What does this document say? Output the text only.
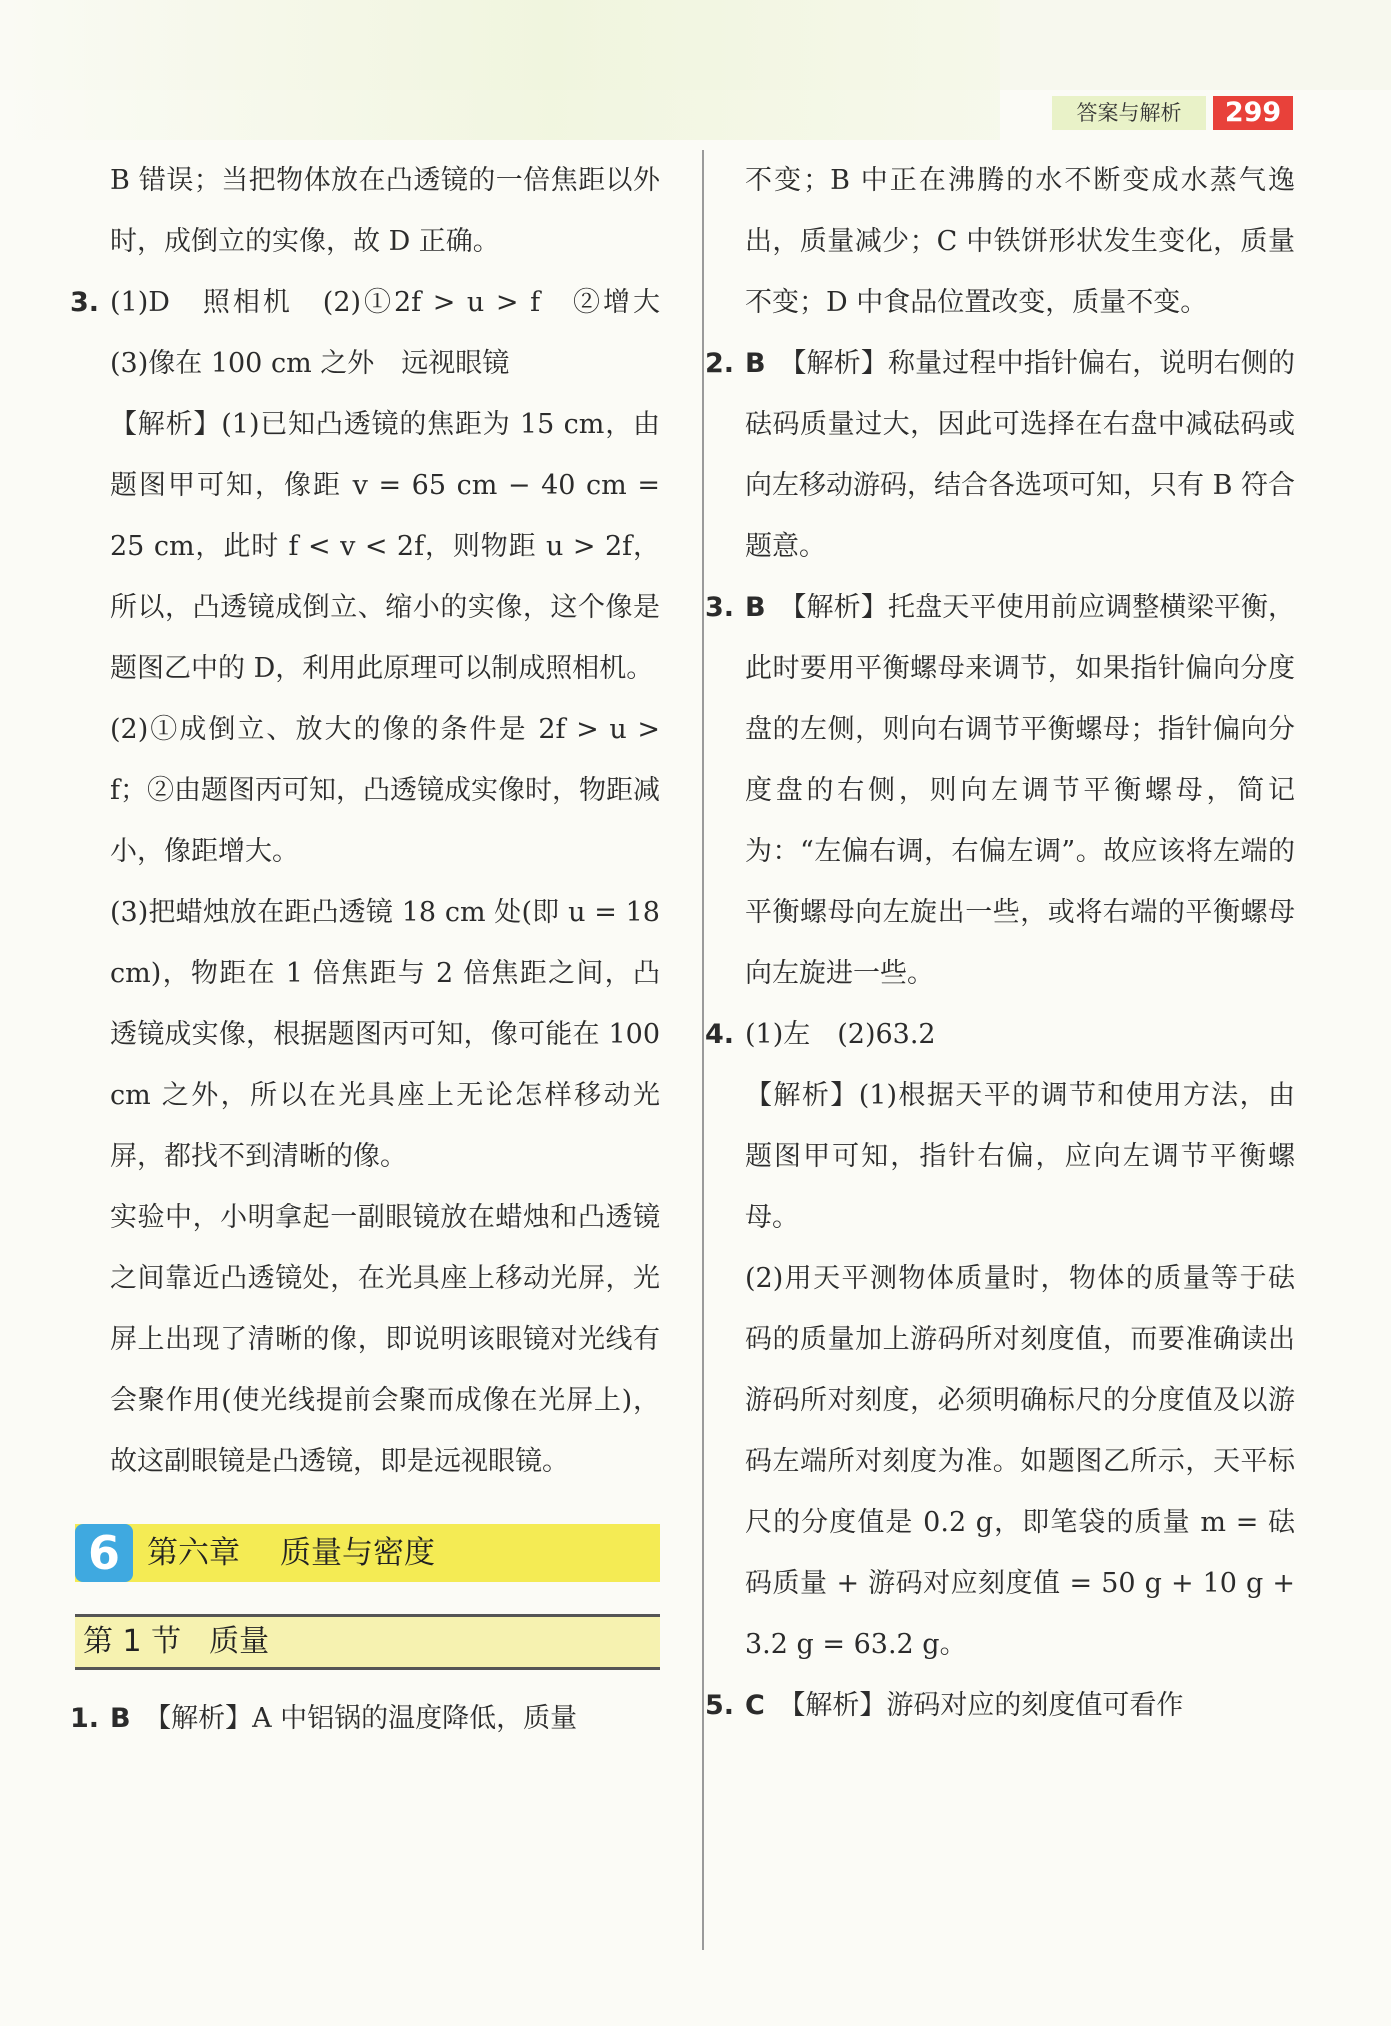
答案与解析	299

B 错误；当把物体放在凸透镜的一倍焦距以外时，成倒立的实像，故 D 正确。

3. (1)D　照相机　(2)①2f > u > f　②增大　(3)像在 100 cm 之外　远视眼镜

【解析】(1)已知凸透镜的焦距为 15 cm，由题图甲可知，像距 v = 65 cm − 40 cm = 25 cm，此时 f < v < 2f，则物距 u > 2f，所以，凸透镜成倒立、缩小的实像，这个像是题图乙中的 D，利用此原理可以制成照相机。

(2)①成倒立、放大的像的条件是 2f > u > f；②由题图丙可知，凸透镜成实像时，物距减小，像距增大。

(3)把蜡烛放在距凸透镜 18 cm 处(即 u = 18 cm)，物距在 1 倍焦距与 2 倍焦距之间，凸透镜成实像，根据题图丙可知，像可能在 100 cm 之外，所以在光具座上无论怎样移动光屏，都找不到清晰的像。

实验中，小明拿起一副眼镜放在蜡烛和凸透镜之间靠近凸透镜处，在光具座上移动光屏，光屏上出现了清晰的像，即说明该眼镜对光线有会聚作用(使光线提前会聚而成像在光屏上)，故这副眼镜是凸透镜，即是远视眼镜。

6 第六章 质量与密度
第 1 节 质量
1. B　 【解析】A 中铝锅的温度降低，质量

不变；B 中正在沸腾的水不断变成水蒸气逸出，质量减少；C 中铁饼形状发生变化，质量不变；D 中食品位置改变，质量不变。

2. B　 【解析】称量过程中指针偏右，说明右侧的砝码质量过大，因此可选择在右盘中减砝码或向左移动游码，结合各选项可知，只有 B 符合题意。

3. B　 【解析】托盘天平使用前应调整横梁平衡，此时要用平衡螺母来调节，如果指针偏向分度盘的左侧，则向右调节平衡螺母；指针偏向分度盘的右侧，则向左调节平衡螺母，简记为：“左偏右调，右偏左调”。故应该将左端的平衡螺母向左旋出一些，或将右端的平衡螺母向左旋进一些。

4. (1)左　(2)63.2

【解析】(1)根据天平的调节和使用方法，由题图甲可知，指针右偏，应向左调节平衡螺母。

(2)用天平测物体质量时，物体的质量等于砝码的质量加上游码所对刻度值，而要准确读出游码所对刻度，必须明确标尺的分度值及以游码左端所对刻度为准。如题图乙所示，天平标尺的分度值是 0.2 g，即笔袋的质量 m = 砝码质量 + 游码对应刻度值 = 50 g + 10 g + 3.2 g = 63.2 g。

5. C　 【解析】游码对应的刻度值可看作
